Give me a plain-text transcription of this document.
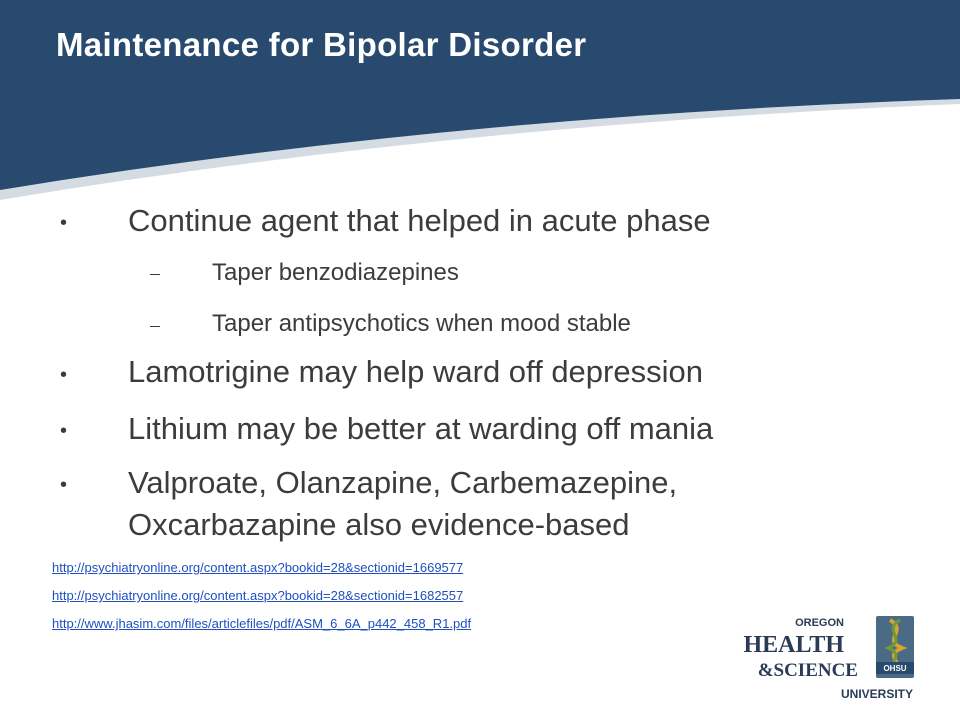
Maintenance for Bipolar Disorder
• Continue agent that helped in acute phase
Taper benzodiazepines
Taper antipsychotics when mood stable
• Lamotrigine may help ward off depression
• Lithium may be better at warding off mania
• Valproate, Olanzapine, Carbemazepine,
Oxcarbazapine also evidence-based
http://psychiatryonline.org/content.aspx?bookid=28&sectionid=1669577
http://psychiatryonline.org/content.aspx?bookid=28&sectionid=1682557
http://www.jhasim.com/files/articlefiles/pdf/ASM_6_6A_p442_458_R1.pdf	OREGON
HEALTH
&SCIENCE
UNIVERSITY
OHSU
